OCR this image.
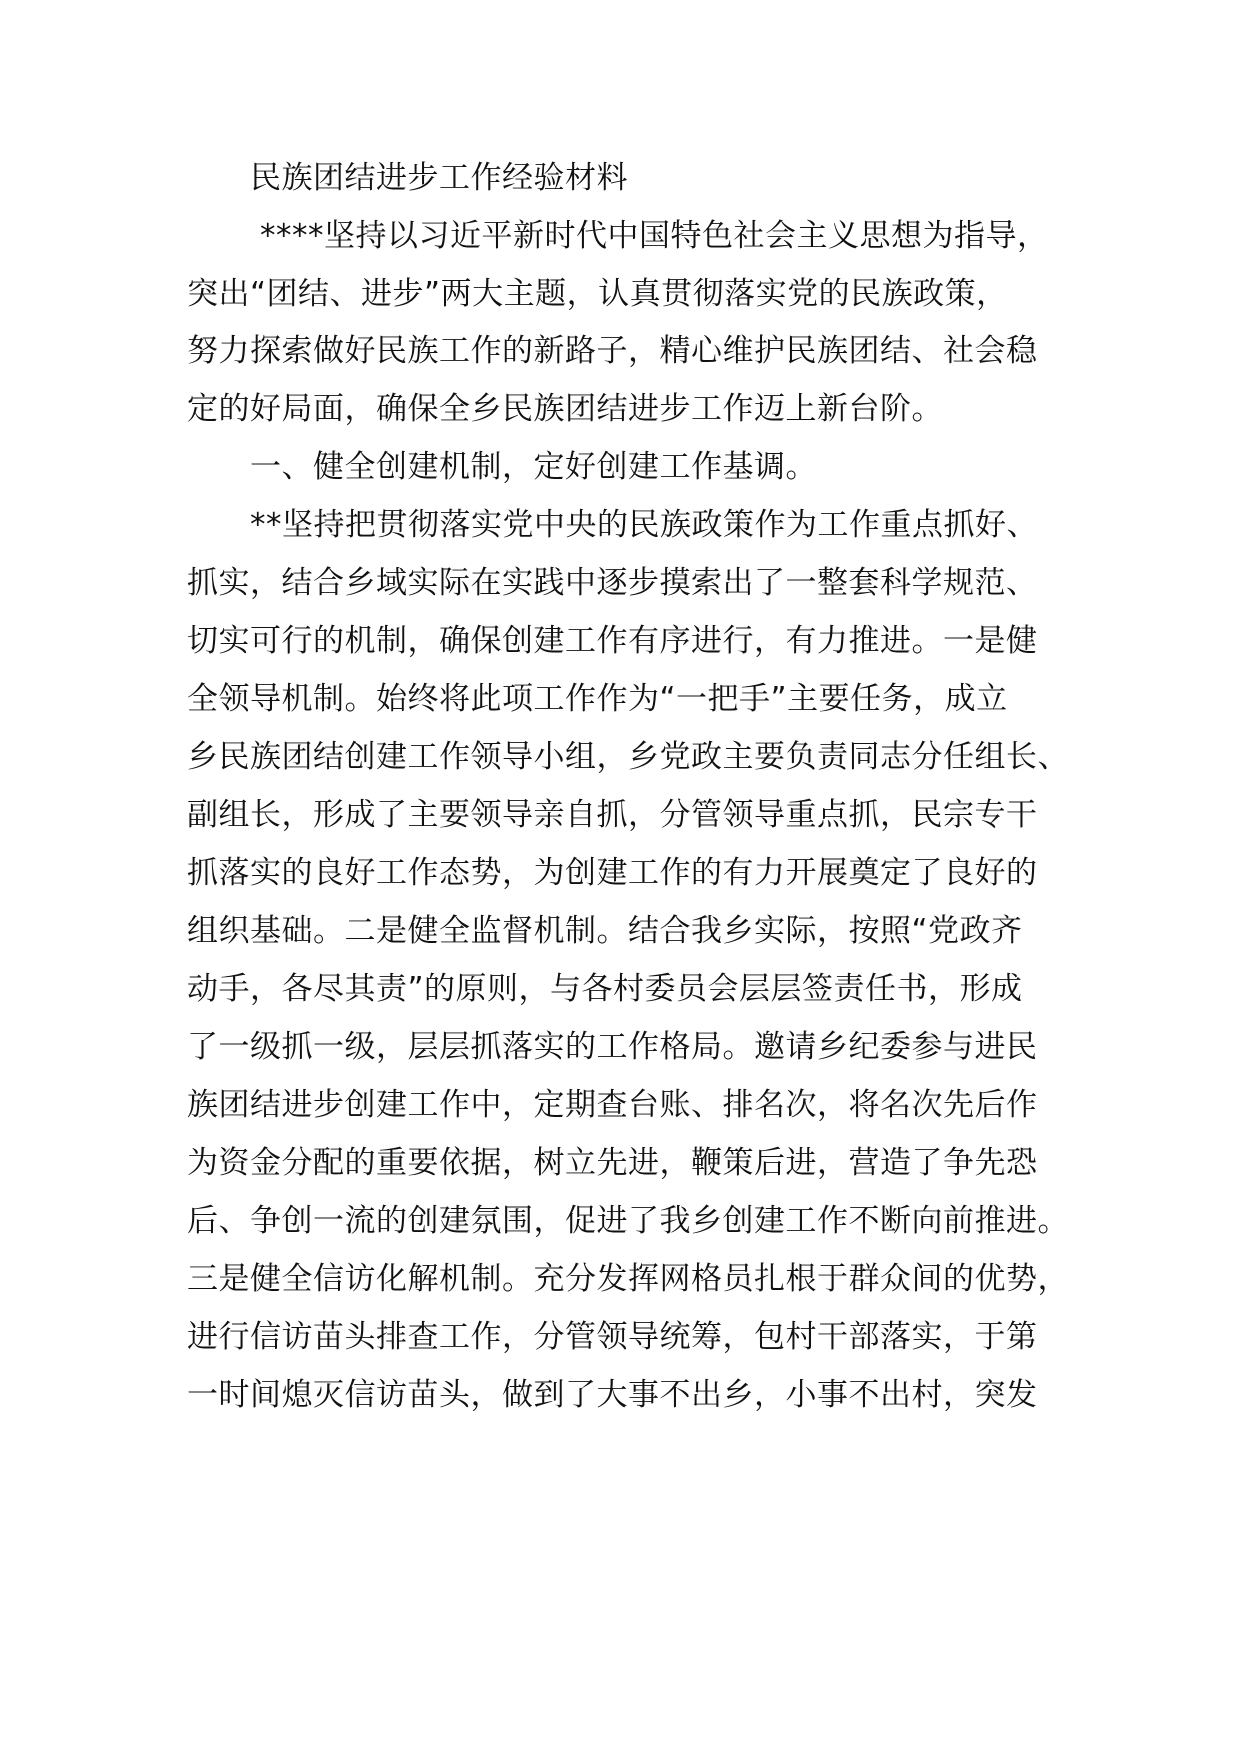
民族团结进步工作经验材料
****坚持以习近平新时代中国特色社会主义思想为指导，
突出“团结、进步”两大主题，认真贯彻落实党的民族政策，
努力探索做好民族工作的新路子，精心维护民族团结、社会稳
定的好局面，确保全乡民族团结进步工作迈上新台阶。
一、健全创建机制，定好创建工作基调。
**坚持把贯彻落实党中央的民族政策作为工作重点抓好、
抓实，结合乡域实际在实践中逐步摸索出了一整套科学规范、
切实可行的机制，确保创建工作有序进行，有力推进。一是健
全领导机制。始终将此项工作作为“一把手”主要任务，成立
乡民族团结创建工作领导小组，乡党政主要负责同志分任组长、
副组长，形成了主要领导亲自抓，分管领导重点抓，民宗专干
抓落实的良好工作态势，为创建工作的有力开展奠定了良好的
组织基础。二是健全监督机制。结合我乡实际，按照“党政齐
动手，各尽其责”的原则，与各村委员会层层签责任书，形成
了一级抓一级，层层抓落实的工作格局。邀请乡纪委参与进民
族团结进步创建工作中，定期查台账、排名次，将名次先后作
为资金分配的重要依据，树立先进，鞭策后进，营造了争先恐
后、争创一流的创建氛围，促进了我乡创建工作不断向前推进。
三是健全信访化解机制。充分发挥网格员扎根于群众间的优势，
进行信访苗头排查工作，分管领导统筹，包村干部落实，于第
一时间熄灭信访苗头，做到了大事不出乡，小事不出村，突发
